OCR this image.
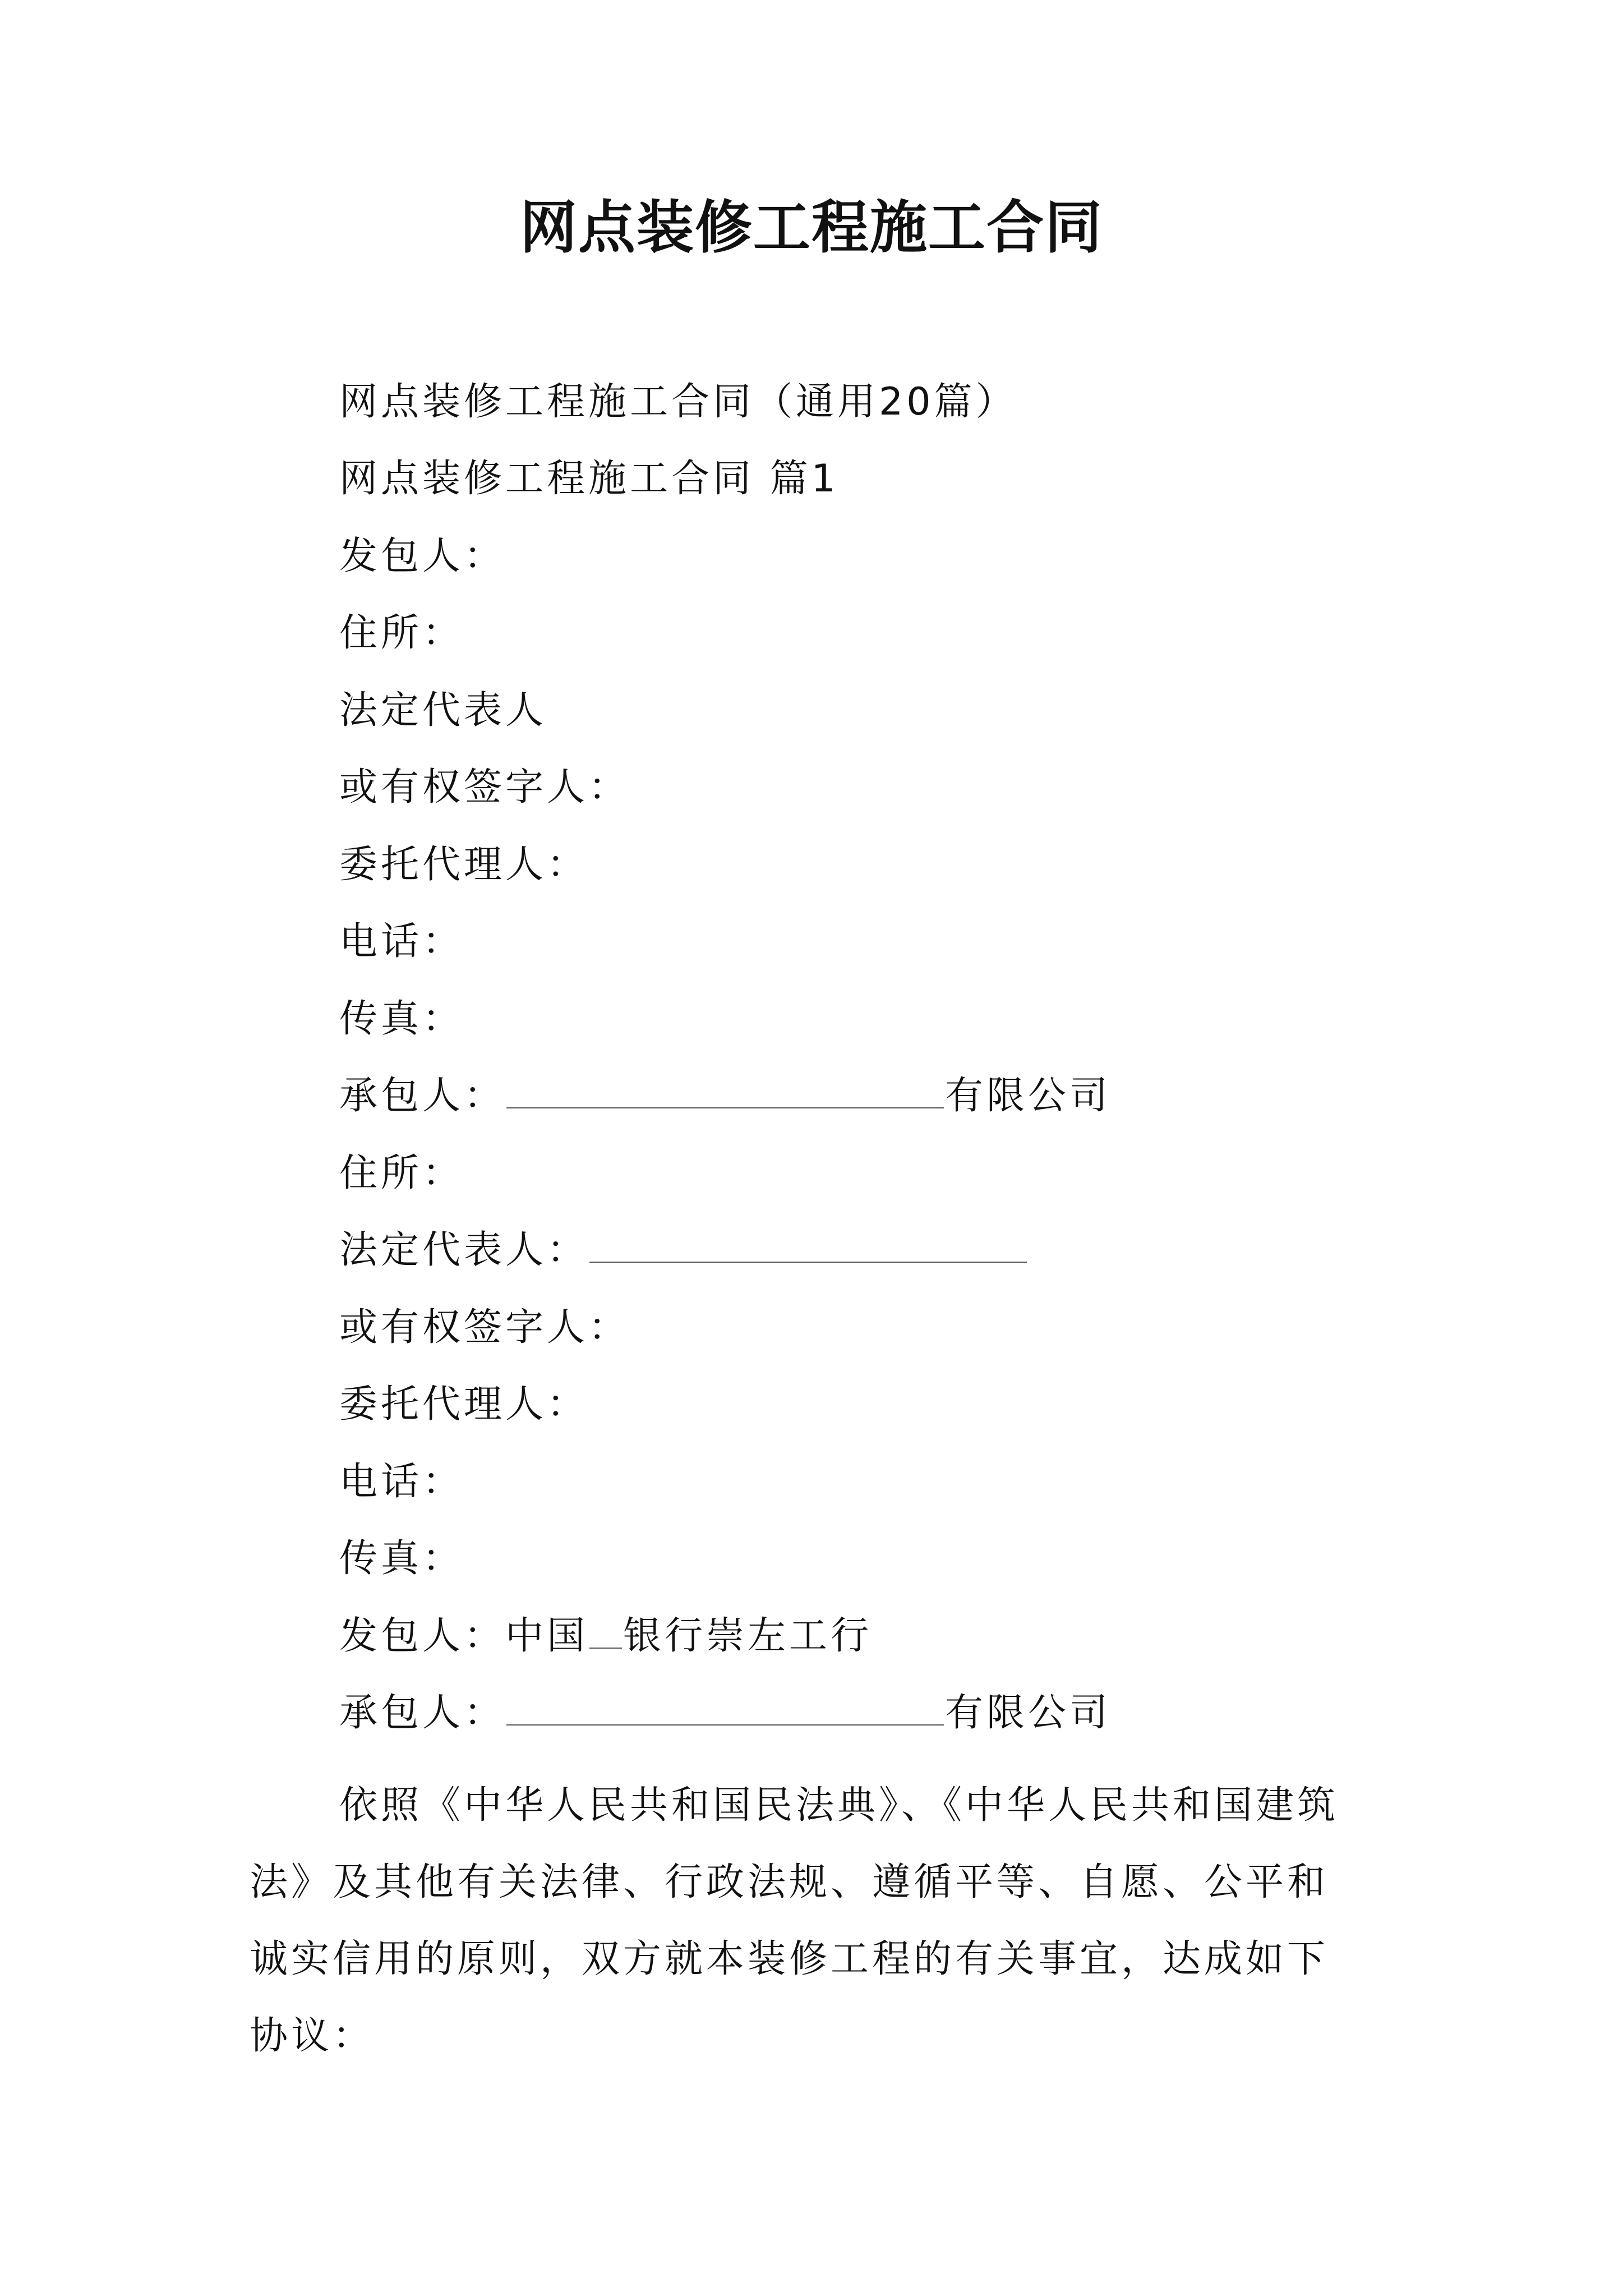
网点装修工程施工合同
网点装修工程施工合同（通用20篇）
网点装修工程施工合同 篇1
发包人：
住所：
法定代表人
或有权签字人：
委托代理人：
电话：
传真：
承包人：	有限公司
住所：
法定代表人：
或有权签字人：
委托代理人：
电话：
传真：
发包人：中国 银行崇左工行
承包人：	有限公司
依照《中华人民共和国民法典》、《中华人民共和国建筑
法》及其他有关法律、行政法规、遵循平等、自愿、公平和
诚实信用的原则，双方就本装修工程的有关事宜，达成如下
协议：
